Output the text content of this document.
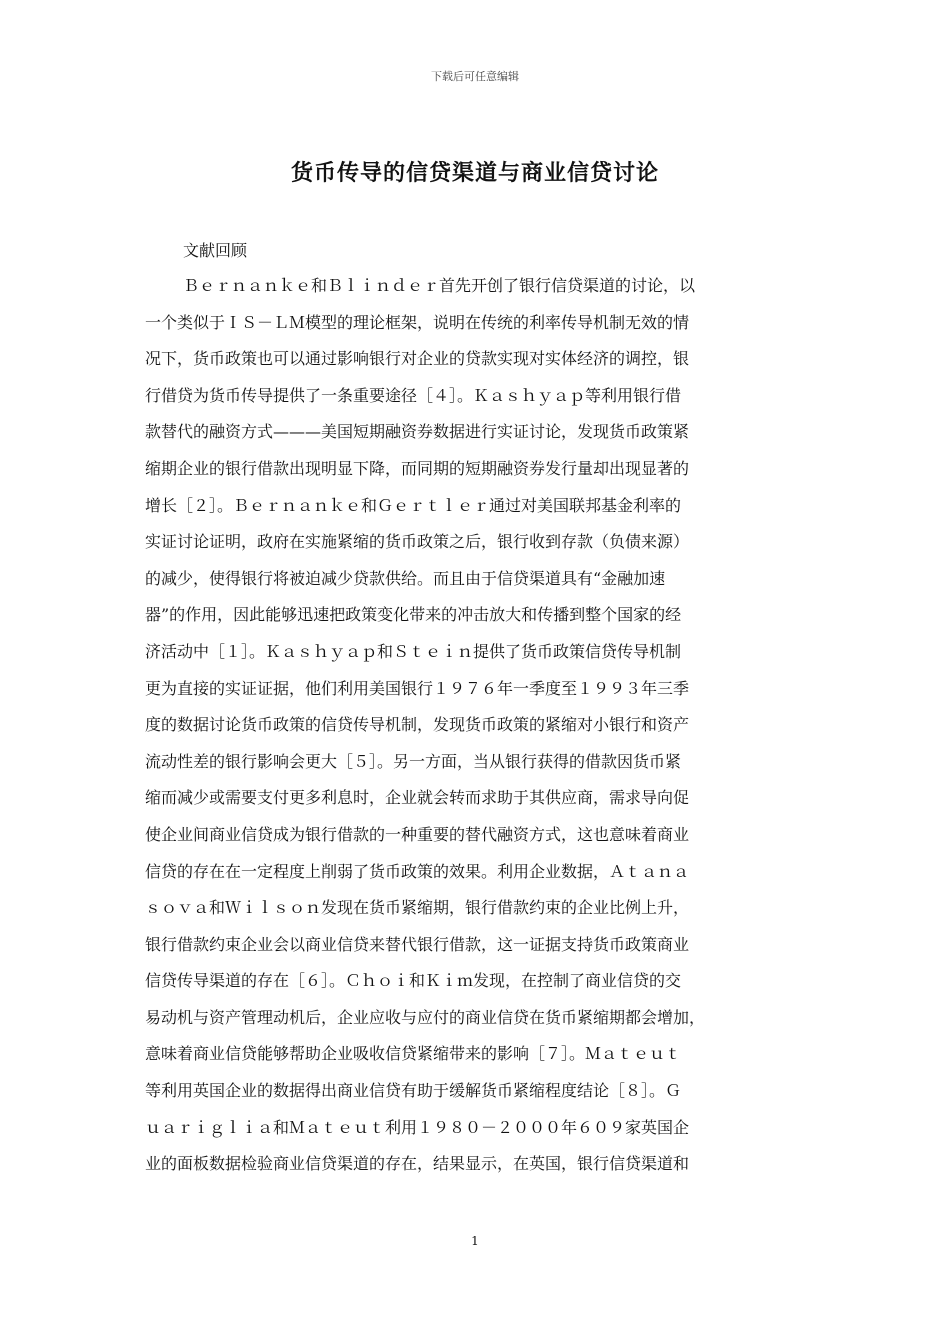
下载后可任意编辑
货币传导的信贷渠道与商业信贷讨论
文献回顾
Ｂｅｒｎａｎｋｅ和Ｂｌｉｎｄｅｒ首先开创了银行信贷渠道的讨论，以
一个类似于ＩＳ－ＬＭ模型的理论框架，说明在传统的利率传导机制无效的情
况下，货币政策也可以通过影响银行对企业的贷款实现对实体经济的调控，银
行借贷为货币传导提供了一条重要途径［４］。Ｋａｓｈｙａｐ等利用银行借
款替代的融资方式———美国短期融资券数据进行实证讨论，发现货币政策紧
缩期企业的银行借款出现明显下降，而同期的短期融资券发行量却出现显著的
增长［２］。Ｂｅｒｎａｎｋｅ和Ｇｅｒｔｌｅｒ通过对美国联邦基金利率的
实证讨论证明，政府在实施紧缩的货币政策之后，银行收到存款（负债来源）
的减少，使得银行将被迫减少贷款供给。而且由于信贷渠道具有“金融加速
器”的作用，因此能够迅速把政策变化带来的冲击放大和传播到整个国家的经
济活动中［１］。Ｋａｓｈｙａｐ和Ｓｔｅｉｎ提供了货币政策信贷传导机制
更为直接的实证证据，他们利用美国银行１９７６年一季度至１９９３年三季
度的数据讨论货币政策的信贷传导机制，发现货币政策的紧缩对小银行和资产
流动性差的银行影响会更大［５］。另一方面，当从银行获得的借款因货币紧
缩而减少或需要支付更多利息时，企业就会转而求助于其供应商，需求导向促
使企业间商业信贷成为银行借款的一种重要的替代融资方式，这也意味着商业
信贷的存在在一定程度上削弱了货币政策的效果。利用企业数据，Ａｔａｎａ
ｓｏｖａ和Ｗｉｌｓｏｎ发现在货币紧缩期，银行借款约束的企业比例上升，
银行借款约束企业会以商业信贷来替代银行借款，这一证据支持货币政策商业
信贷传导渠道的存在［６］。Ｃｈｏｉ和Ｋｉｍ发现，在控制了商业信贷的交
易动机与资产管理动机后，企业应收与应付的商业信贷在货币紧缩期都会增加，
意味着商业信贷能够帮助企业吸收信贷紧缩带来的影响［７］。Ｍａｔｅｕｔ
等利用英国企业的数据得出商业信贷有助于缓解货币紧缩程度结论［８］。Ｇ
ｕａｒｉｇｌｉａ和Ｍａｔｅｕｔ利用１９８０－２０００年６０９家英国企
业的面板数据检验商业信贷渠道的存在，结果显示，在英国，银行信贷渠道和
1
